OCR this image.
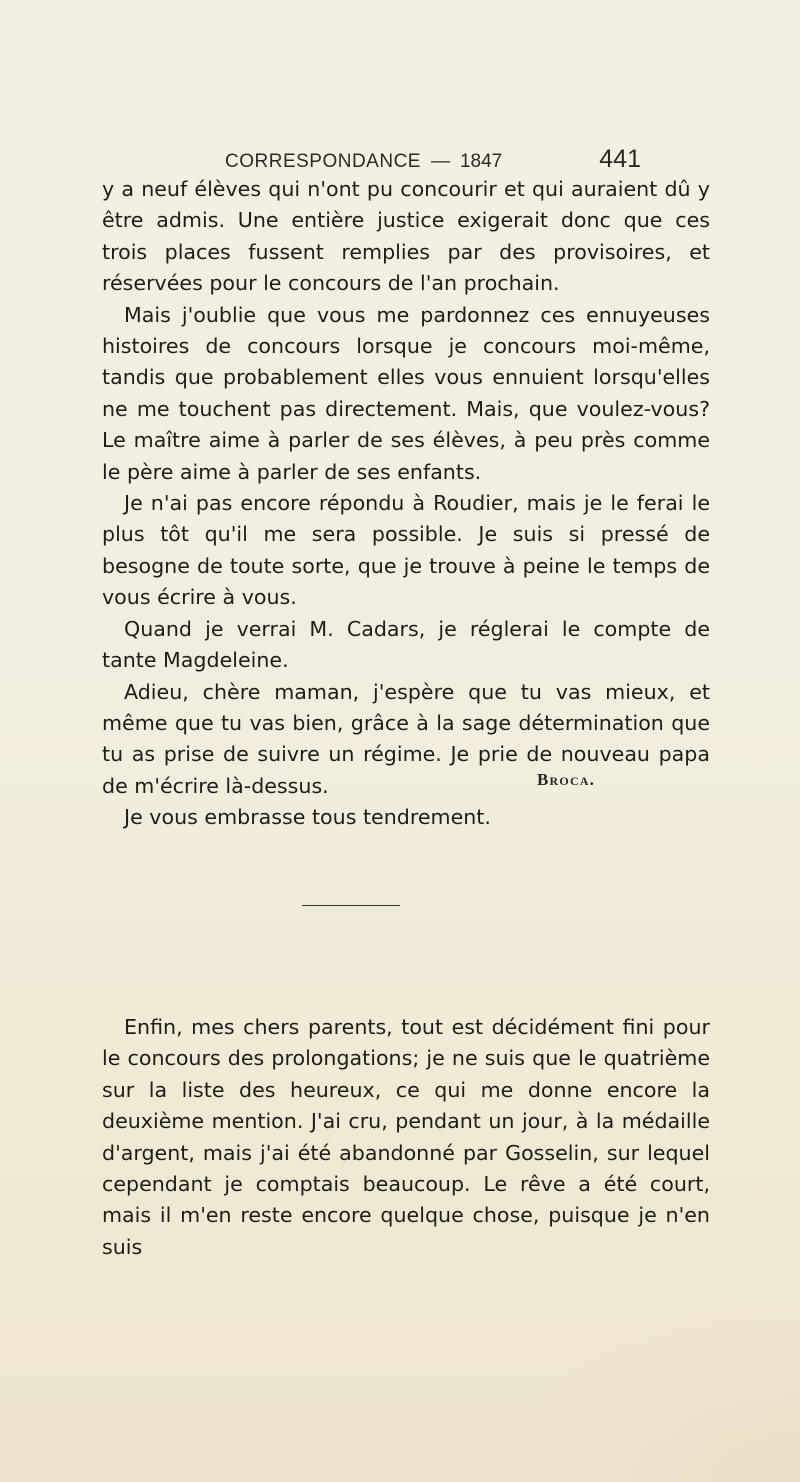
CORRESPONDANCE — 1847	441

y a neuf élèves qui n'ont pu concourir et qui auraient dû y être admis. Une entière justice exigerait donc que ces trois places fussent remplies par des provisoires, et réservées pour le concours de l'an prochain.

Mais j'oublie que vous me pardonnez ces ennuyeuses histoires de concours lorsque je concours moi-même, tandis que probablement elles vous ennuient lorsqu'elles ne me touchent pas directement. Mais, que voulez-vous? Le maître aime à parler de ses élèves, à peu près comme le père aime à parler de ses enfants.

Je n'ai pas encore répondu à Roudier, mais je le ferai le plus tôt qu'il me sera possible. Je suis si pressé de besogne de toute sorte, que je trouve à peine le temps de vous écrire à vous.

Quand je verrai M. Cadars, je réglerai le compte de tante Magdeleine.

Adieu, chère maman, j'espère que tu vas mieux, et même que tu vas bien, grâce à la sage détermination que tu as prise de suivre un régime. Je prie de nouveau papa de m'écrire là-dessus.

Je vous embrasse tous tendrement.

Broca.

Enfin, mes chers parents, tout est décidément fini pour le concours des prolongations; je ne suis que le quatrième sur la liste des heureux, ce qui me donne encore la deuxième mention. J'ai cru, pendant un jour, à la médaille d'argent, mais j'ai été abandonné par Gosselin, sur lequel cependant je comptais beaucoup. Le rêve a été court, mais il m'en reste encore quelque chose, puisque je n'en suis
